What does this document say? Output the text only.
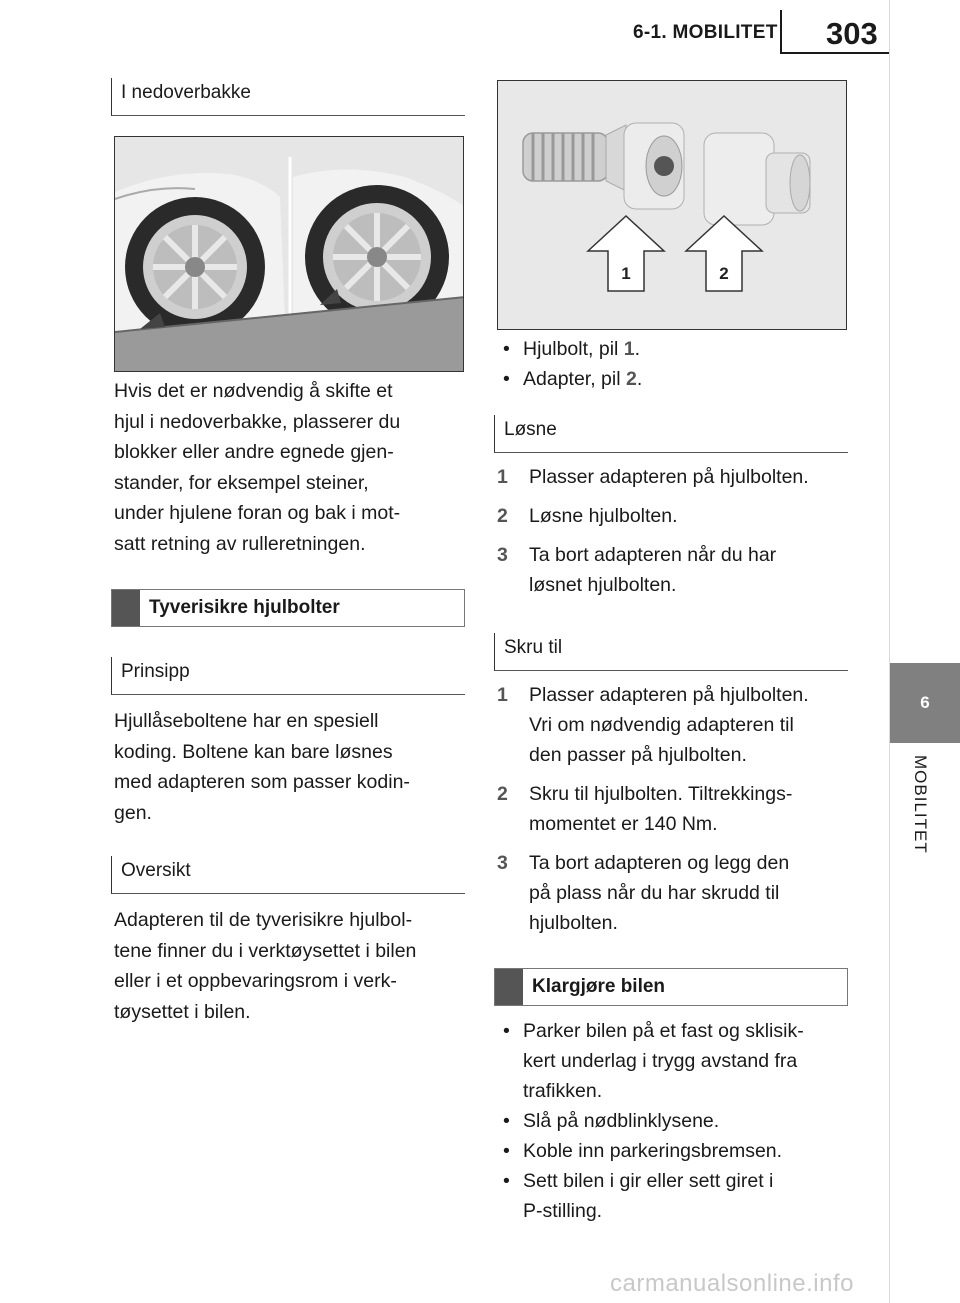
6-1. MOBILITET 303
6
MOBILITET
I nedoverbakke

Hvis det er nødvendig å skifte et

hjul i nedoverbakke, plasserer du

blokker eller andre egnede gjen-

stander, for eksempel steiner,

under hjulene foran og bak i mot-

satt retning av rulleretningen.

Tyverisikre hjulbolter
Prinsipp

Hjullåseboltene har en spesiell

koding. Boltene kan bare løsnes

med adapteren som passer kodin-

gen.

Oversikt

Adapteren til de tyverisikre hjulbol-

tene finner du i verktøysettet i bilen

eller i et oppbevaringsrom i verk-

tøysettet i bilen.

1	2
• Hjulbolt, pil 1.
• Adapter, pil 2.
Løsne
1	Plasser adapteren på hjulbolten.
2	Løsne hjulbolten.
3	Ta bort adapteren når du har
løsnet hjulbolten.
Skru til
1	Plasser adapteren på hjulbolten.
Vri om nødvendig adapteren til
den passer på hjulbolten.
2	Skru til hjulbolten. Tiltrekkings-
momentet er 140 Nm.
3	Ta bort adapteren og legg den
på plass når du har skrudd til
hjulbolten.
Klargjøre bilen
• Parker bilen på et fast og sklisik-
kert underlag i trygg avstand fra
trafikken.
• Slå på nødblinklysene.
• Koble inn parkeringsbremsen.
• Sett bilen i gir eller sett giret i
P-stilling.
carmanualsonline.info
